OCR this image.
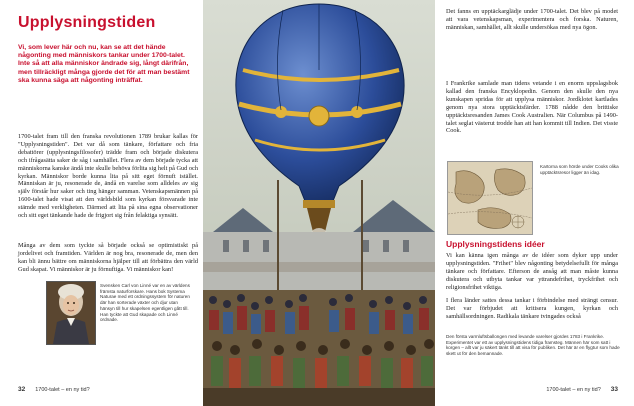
Upplysningstiden

Vi, som lever här och nu, kan se att det hände någonting med människors tankar under 1700-talet. Inte så att alla människor ändrade sig, långt därifrån, men tillräckligt många gjorde det för att man bestämt ska kunna säga att någonting inträffat.

1700-talet fram till den franska revolutionen 1789 brukar kallas för "Upplysningstiden". Det var då som tänkare, författare och fria debattörer (upplysningsfilosofer) trädde fram och började diskutera och ifrågasätta saker de såg i samhället. Flera av dem började tycka att människorna kanske ändå inte skulle behöva förlita sig helt på Gud och kyrkan. Människor borde kunna lita på sitt eget förnuft istället. Människan är ju, resonerade de, ändå en varelse som alldeles av sig själv förstår hur saker och ting hänger samman. Vetenskapsmännen på 1600-talet hade visat att den världsbild som kyrkan försvarade inte stämde med verkligheten. Därmed att lita på sina egna observationer och sitt eget tänkande hade de frigjort sig från felaktiga synsätt.

Många av dem som tyckte så började också se optimistiskt på jordelivet och framtiden. Världen är nog bra, resonerade de, men den kan bli ännu bättre om människorna hjälper till att förbättra den värld Gud skapat. Vi människor är ju förnuftiga. Vi människor kan!

Svensken Carl von Linné var en av världens främsta naturforskare. Hans bok Systema Naturae med ett ordningssystem för naturen där han sorterade växter och djur utan hänsyn till hur skapelsen egentligen gått till. Han tyckte att Gud skapade och Linné ordnade.

32 1700-talet – en ny tid?

Det fanns en upptäckarglädje under 1700-talet. Det blev på modet att vara vetenskapsman, experimentera och forska. Naturen, människan, samhället, allt skulle undersökas med nya ögon.

I Frankrike samlade man tidens vetande i en enorm uppslagsbok kallad den franska Encyklopedin. Genom den skulle den nya kunskapen spridas för att upplysa människor. Jordklotet kartlades genom nya stora upptäcktsfärder. 1788 nådde den brittiske upptäcktsresanden James Cook Australien. När Columbus på 1490-talet seglat västerut trodde han att han kommit till Indien. Det visste Cook.

Kartorna som hörde under Cooks olika upptäcktsresor ligger än idag.

Upplysningstidens idéer

Vi kan känna igen många av de idéer som dyker upp under upplysningstiden. "Frihet" blev någonting betydelsefullt för många tänkare och författare. Efterson de ansåg att man måste kunna diskutera och utbyta tankar var yttrandefrihet, tryckfrihet och religionsfrihet viktiga.

I flera länder sattes dessa tankar i förbindelse med strängt censur. Det var förbjudet att kritisera kungen, kyrkan och samhällsordningen. Radikala tänkare tvingades också

Den första varmluftsballongen med levande varelser gjordes 1783 i Frankrike. Experimentet var ett av upplysningstidens tidiga framsteg. Männen här som satt i korgen – allt var ju säkert tänkt till att visa för publiken. Det här är en flygtur som hade skett ut för den bemannade.

1700-talet – en ny tid? 33
